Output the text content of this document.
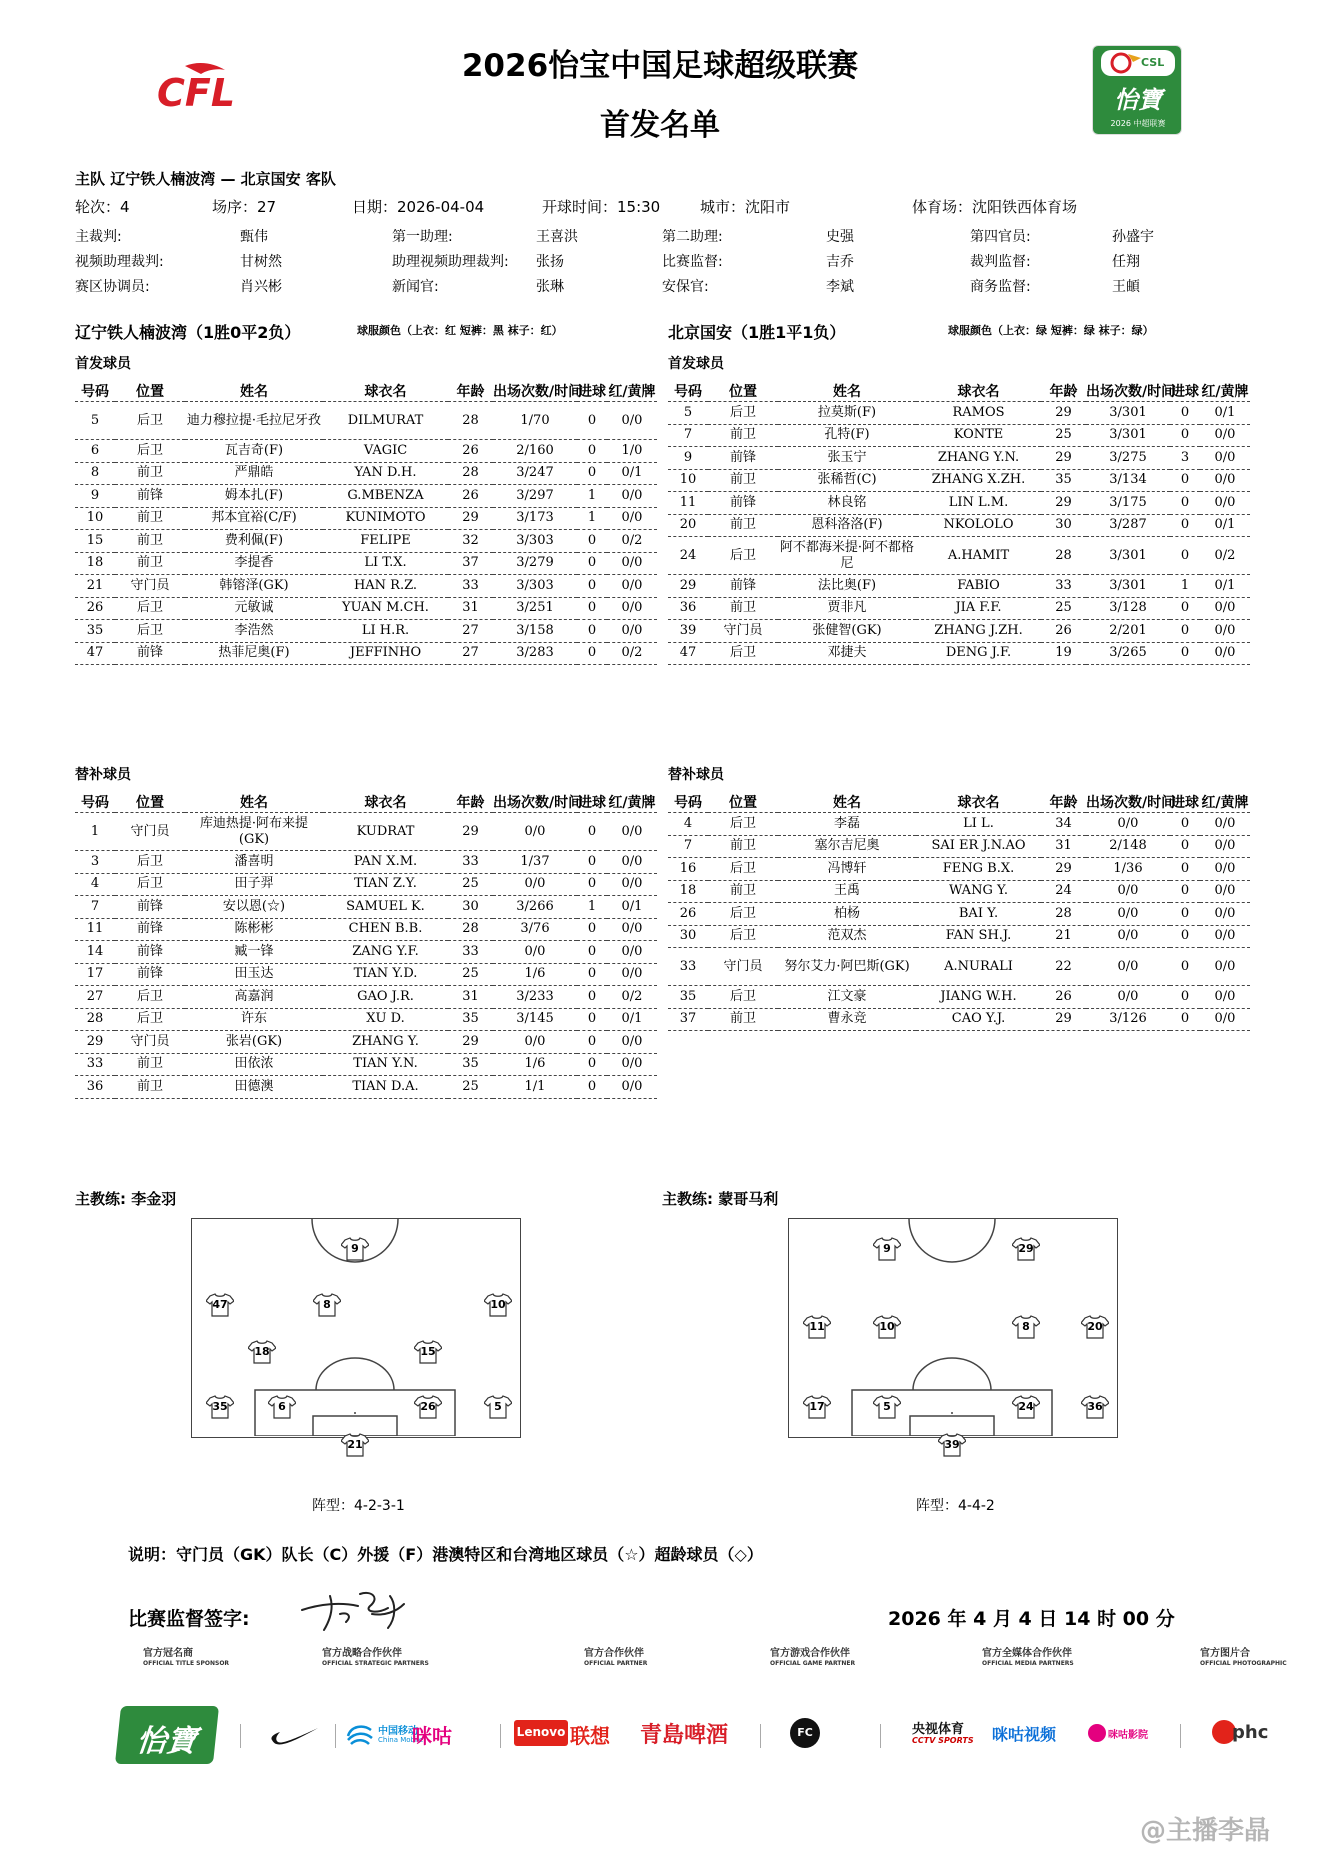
CFL
CSL
怡寶
2026 中超联赛
2026怡宝中国足球超级联赛
首发名单
主队 辽宁铁人楠波湾 — 北京国安 客队
轮次：4	场序：27	日期：2026-04-04	开球时间：15:30	城市：沈阳市	体育场：沈阳铁西体育场
主裁判:	甄伟	第一助理:	王喜洪	第二助理:	史强	第四官员:	孙盛宇
视频助理裁判:	甘树然	助理视频助理裁判: 张扬	比赛监督:	吉乔	裁判监督:	任翔
赛区协调员:	肖兴彬	新闻官:	张琳	安保官:	李斌	商务监督:	王頔
辽宁铁人楠波湾（1胜0平2负）	球服颜色（上衣：红 短裤：黑 袜子：红）	北京国安（1胜1平1负）	球服颜色（上衣：绿 短裤：绿 袜子：绿）
首发球员	首发球员
替补球员	替补球员
号码	位置	姓名	球衣名	年龄	出场次数/时间	进球	红/黄牌
5	后卫	迪力穆拉提·毛拉尼牙孜	DILMURAT	28	1/70	0	0/0
6	后卫	瓦吉奇(F)	VAGIC	26	2/160	0	1/0
8	前卫	严鼎皓	YAN D.H.	28	3/247	0	0/1
9	前锋	姆本扎(F)	G.MBENZA	26	3/297	1	0/0
10	前卫	邦本宜裕(C/F)	KUNIMOTO	29	3/173	1	0/0
15	前卫	费利佩(F)	FELIPE	32	3/303	0	0/2
18	前卫	李提香	LI T.X.	37	3/279	0	0/0
21	守门员	韩镕泽(GK)	HAN R.Z.	33	3/303	0	0/0
26	后卫	元敏诚	YUAN M.CH.	31	3/251	0	0/0
35	后卫	李浩然	LI H.R.	27	3/158	0	0/0
47	前锋	热菲尼奥(F)	JEFFINHO	27	3/283	0	0/2
号码	位置	姓名	球衣名	年龄	出场次数/时间	进球	红/黄牌
5	后卫	拉莫斯(F)	RAMOS	29	3/301	0	0/1
7	前卫	孔特(F)	KONTE	25	3/301	0	0/0
9	前锋	张玉宁	ZHANG Y.N.	29	3/275	3	0/0
10	前卫	张稀哲(C)	ZHANG X.ZH.	35	3/134	0	0/0
11	前锋	林良铭	LIN L.M.	29	3/175	0	0/0
20	前卫	恩科洛洛(F)	NKOLOLO	30	3/287	0	0/1
24	后卫	阿不都海米提·阿不都格尼	A.HAMIT	28	3/301	0	0/2
29	前锋	法比奥(F)	FABIO	33	3/301	1	0/1
36	前卫	贾非凡	JIA F.F.	25	3/128	0	0/0
39	守门员	张健智(GK)	ZHANG J.ZH.	26	2/201	0	0/0
47	后卫	邓捷夫	DENG J.F.	19	3/265	0	0/0
号码	位置	姓名	球衣名	年龄	出场次数/时间	进球	红/黄牌
1	守门员	库迪热提·阿布来提(GK)	KUDRAT	29	0/0	0	0/0
3	后卫	潘喜明	PAN X.M.	33	1/37	0	0/0
4	后卫	田子羿	TIAN Z.Y.	25	0/0	0	0/0
7	前锋	安以恩(☆)	SAMUEL K.	30	3/266	1	0/1
11	前锋	陈彬彬	CHEN B.B.	28	3/76	0	0/0
14	前锋	臧一锋	ZANG Y.F.	33	0/0	0	0/0
17	前锋	田玉达	TIAN Y.D.	25	1/6	0	0/0
27	后卫	高嘉润	GAO J.R.	31	3/233	0	0/2
28	后卫	许东	XU D.	35	3/145	0	0/1
29	守门员	张岩(GK)	ZHANG Y.	29	0/0	0	0/0
33	前卫	田依浓	TIAN Y.N.	35	1/6	0	0/0
36	前卫	田德澳	TIAN D.A.	25	1/1	0	0/0
号码	位置	姓名	球衣名	年龄	出场次数/时间	进球	红/黄牌
4	后卫	李磊	LI L.	34	0/0	0	0/0
7	前卫	塞尔吉尼奥	SAI ER J.N.AO	31	2/148	0	0/0
16	后卫	冯博轩	FENG B.X.	29	1/36	0	0/0
18	前卫	王禹	WANG Y.	24	0/0	0	0/0
26	后卫	柏杨	BAI Y.	28	0/0	0	0/0
30	后卫	范双杰	FAN SH.J.	21	0/0	0	0/0
33	守门员	努尔艾力·阿巴斯(GK)	A.NURALI	22	0/0	0	0/0
35	后卫	江文豪	JIANG W.H.	26	0/0	0	0/0
37	前卫	曹永竞	CAO Y.J.	29	3/126	0	0/0
主教练: 李金羽	主教练: 蒙哥马利
9
47	8	10
18	15
35	6	26	5
21
9	29
11	10	8	20
17	5	24	36
39
阵型：4-2-3-1	阵型：4-4-2
说明：守门员（GK）队长（C）外援（F）港澳特区和台湾地区球员（☆）超龄球员（◇）
比赛监督签字:	2026 年 4 月 4 日 14 时 00 分
官方冠名商
OFFICIAL TITLE SPONSOR
官方战略合作伙伴
OFFICIAL STRATEGIC PARTNERS
官方合作伙伴
OFFICIAL PARTNER
官方游戏合作伙伴
OFFICIAL GAME PARTNER
官方全媒体合作伙伴
OFFICIAL MEDIA PARTNERS
官方图片合
OFFICIAL PHOTOGRAPHIC
怡寶	中国移动
China Mobile
咪咕	Lenovo 联想 青島啤酒	FC	央视体育
CCTV SPORTS 咪咕视频	咪咕影院	phc
@主播李晶
